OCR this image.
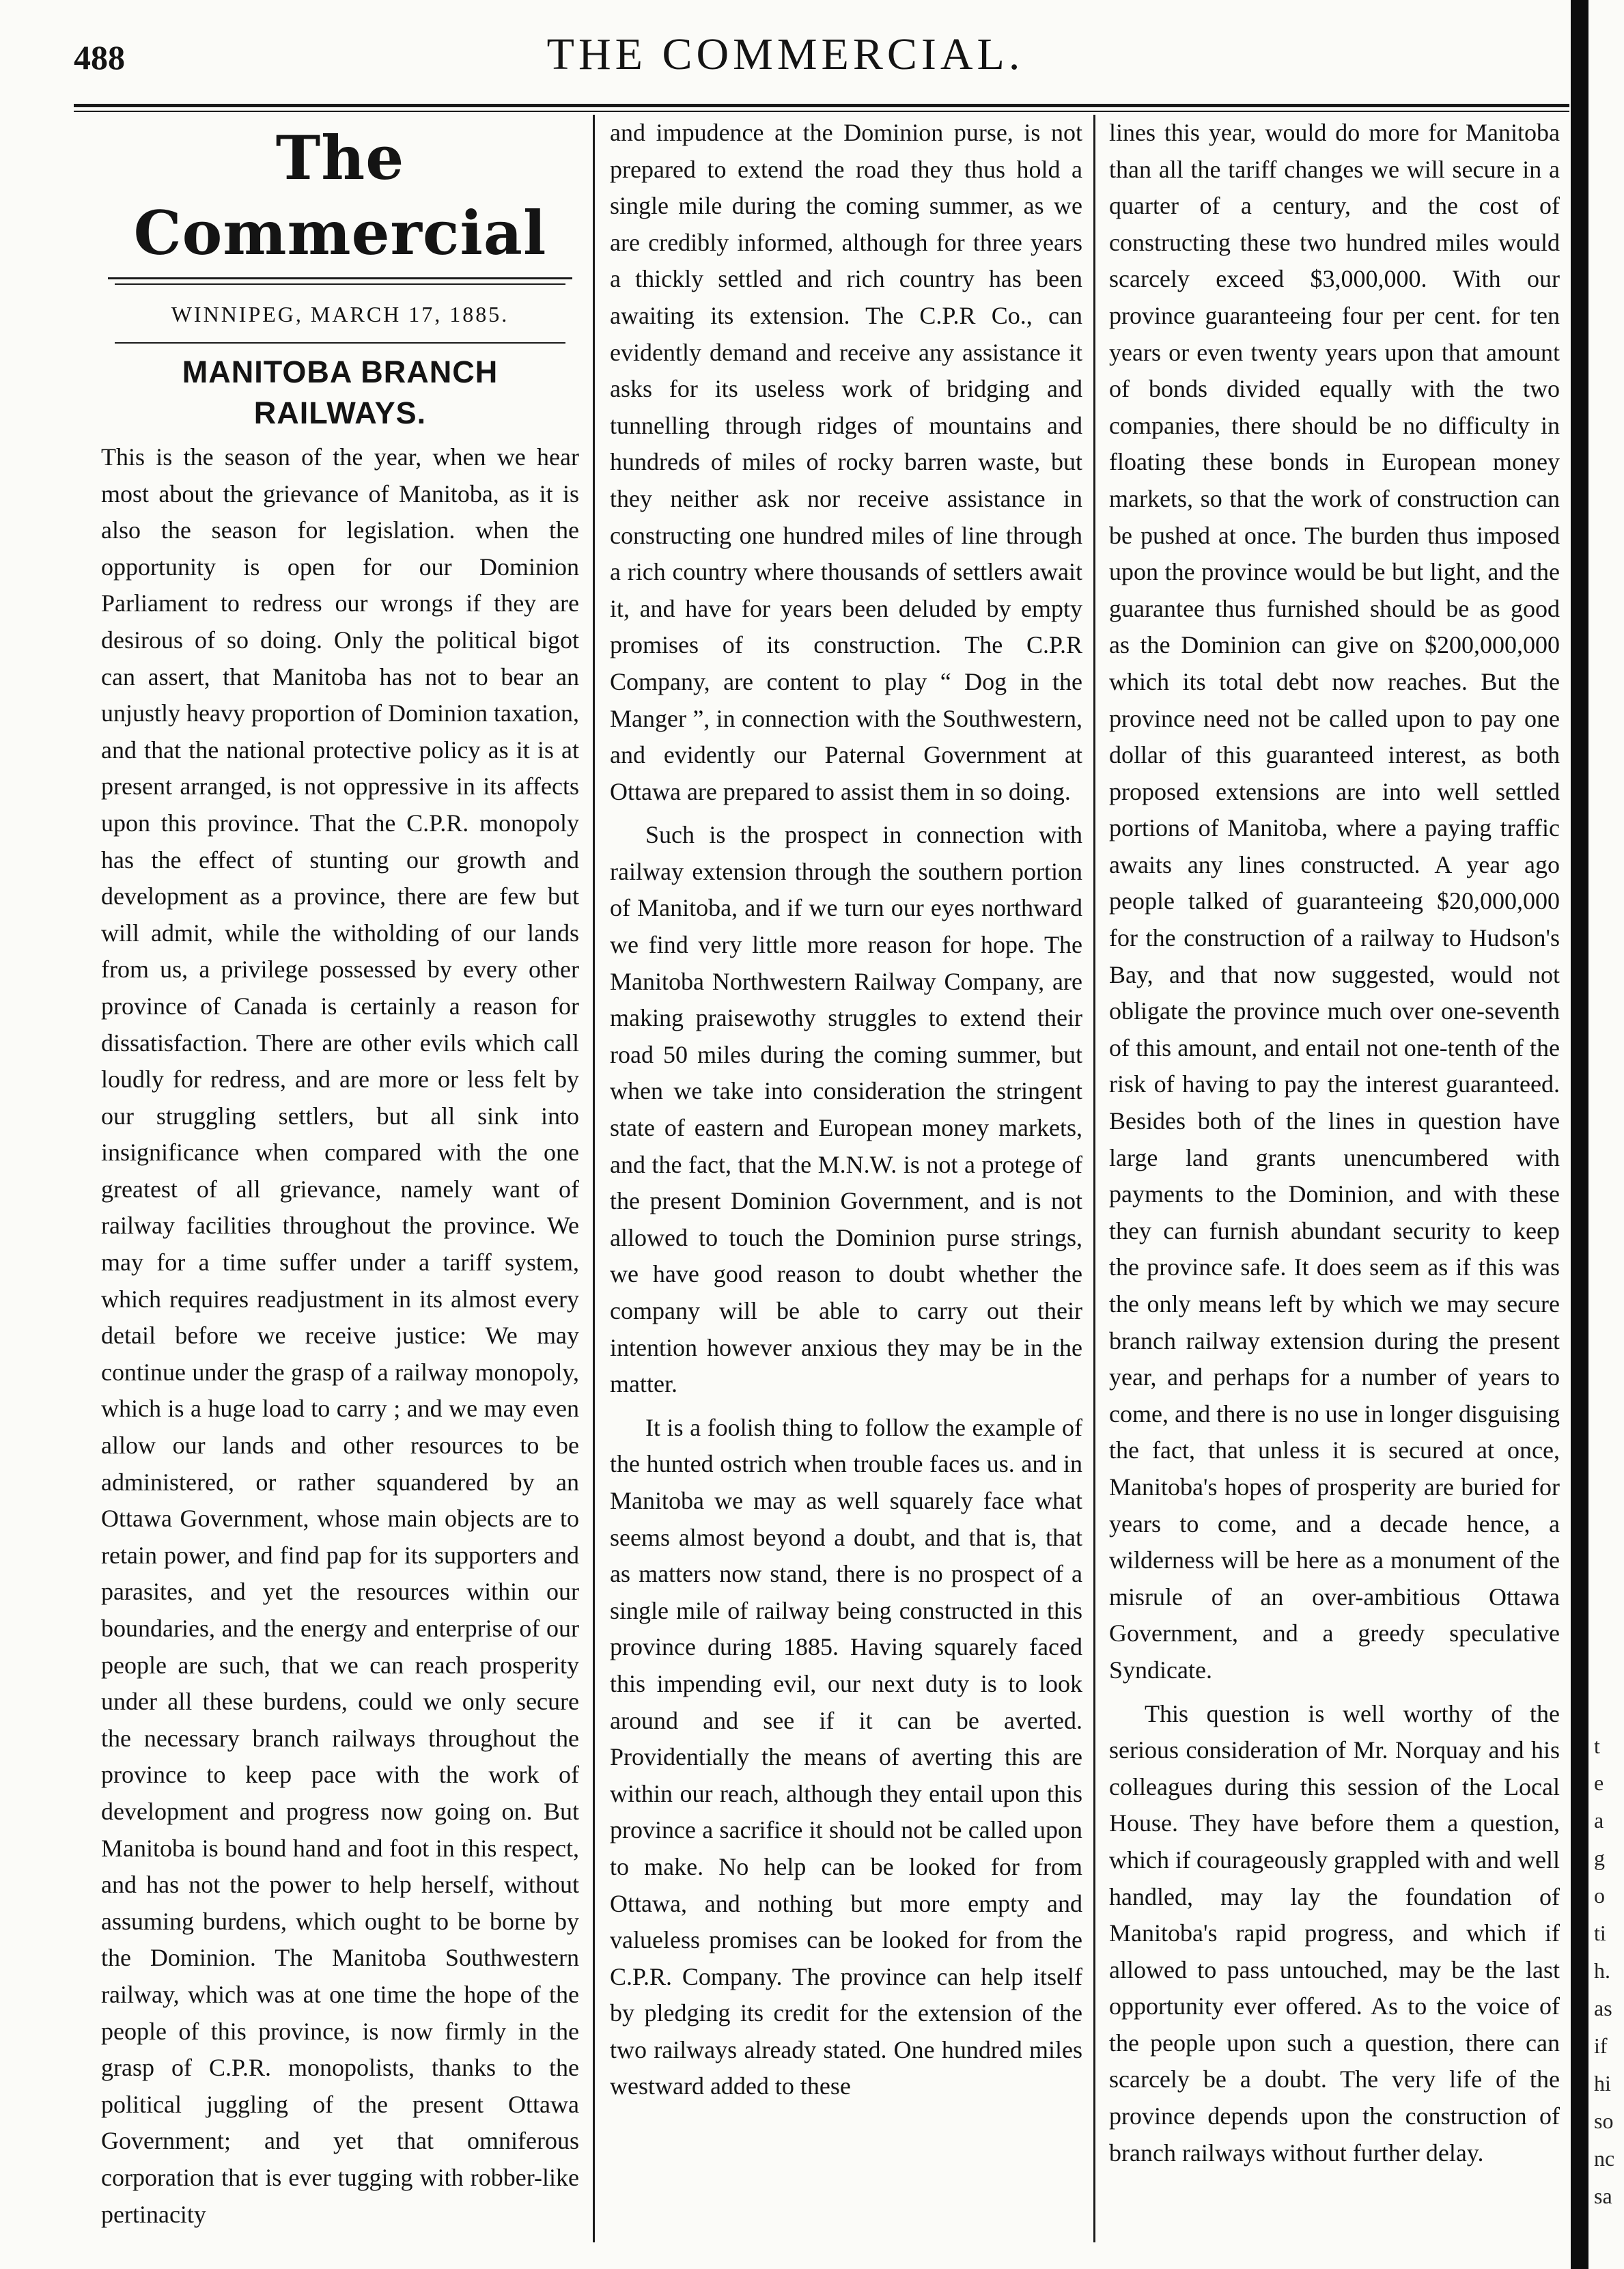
488	THE COMMERCIAL.
The Commercial
WINNIPEG, MARCH 17, 1885.
MANITOBA BRANCH RAILWAYS.

This is the season of the year, when we hear most about the grievance of Manitoba, as it is also the season for legislation. when the opportunity is open for our Dominion Parliament to redress our wrongs if they are desirous of so doing. Only the political bigot can assert, that Manitoba has not to bear an unjustly heavy proportion of Dominion taxation, and that the national protective policy as it is at present arranged, is not oppressive in its affects upon this province. That the C.P.R. monopoly has the effect of stunting our growth and development as a province, there are few but will admit, while the witholding of our lands from us, a privilege possessed by every other province of Canada is certainly a reason for dissatisfaction. There are other evils which call loudly for redress, and are more or less felt by our struggling settlers, but all sink into insignificance when compared with the one greatest of all grievance, namely want of railway facilities throughout the province. We may for a time suffer under a tariff system, which requires readjustment in its almost every detail before we receive justice: We may continue under the grasp of a railway monopoly, which is a huge load to carry ; and we may even allow our lands and other resources to be administered, or rather squandered by an Ottawa Government, whose main objects are to retain power, and find pap for its supporters and parasites, and yet the resources within our boundaries, and the energy and enterprise of our people are such, that we can reach prosperity under all these burdens, could we only secure the necessary branch railways throughout the province to keep pace with the work of development and progress now going on. But Manitoba is bound hand and foot in this respect, and has not the power to help herself, without assuming burdens, which ought to be borne by the Dominion. The Manitoba Southwestern railway, which was at one time the hope of the people of this province, is now firmly in the grasp of C.P.R. monopolists, thanks to the political juggling of the present Ottawa Government; and yet that omniferous corporation that is ever tugging with robber-like pertinacity

and impudence at the Dominion purse, is not prepared to extend the road they thus hold a single mile during the coming summer, as we are credibly informed, although for three years a thickly settled and rich country has been awaiting its extension. The C.P.R Co., can evidently demand and receive any assistance it asks for its useless work of bridging and tunnelling through ridges of mountains and hundreds of miles of rocky barren waste, but they neither ask nor receive assistance in constructing one hundred miles of line through a rich country where thousands of settlers await it, and have for years been deluded by empty promises of its construction. The C.P.R Company, are content to play “ Dog in the Manger ”, in connection with the Southwestern, and evidently our Paternal Government at Ottawa are prepared to assist them in so doing.

Such is the prospect in connection with railway extension through the southern portion of Manitoba, and if we turn our eyes northward we find very little more reason for hope. The Manitoba Northwestern Railway Company, are making praisewothy struggles to extend their road 50 miles during the coming summer, but when we take into consideration the stringent state of eastern and European money markets, and the fact, that the M.N.W. is not a protege of the present Dominion Government, and is not allowed to touch the Dominion purse strings, we have good reason to doubt whether the company will be able to carry out their intention however anxious they may be in the matter.

It is a foolish thing to follow the example of the hunted ostrich when trouble faces us. and in Manitoba we may as well squarely face what seems almost beyond a doubt, and that is, that as matters now stand, there is no prospect of a single mile of railway being constructed in this province during 1885. Having squarely faced this impending evil, our next duty is to look around and see if it can be averted. Providentially the means of averting this are within our reach, although they entail upon this province a sacrifice it should not be called upon to make. No help can be looked for from Ottawa, and nothing but more empty and valueless promises can be looked for from the C.P.R. Company. The province can help itself by pledging its credit for the extension of the two railways already stated. One hundred miles westward added to these

lines this year, would do more for Manitoba than all the tariff changes we will secure in a quarter of a century, and the cost of constructing these two hundred miles would scarcely exceed $3,000,000. With our province guaranteeing four per cent. for ten years or even twenty years upon that amount of bonds divided equally with the two companies, there should be no difficulty in floating these bonds in European money markets, so that the work of construction can be pushed at once. The burden thus imposed upon the province would be but light, and the guarantee thus furnished should be as good as the Dominion can give on $200,000,000 which its total debt now reaches. But the province need not be called upon to pay one dollar of this guaranteed interest, as both proposed extensions are into well settled portions of Manitoba, where a paying traffic awaits any lines constructed. A year ago people talked of guaranteeing $20,000,000 for the construction of a railway to Hudson's Bay, and that now suggested, would not obligate the province much over one-seventh of this amount, and entail not one-tenth of the risk of having to pay the interest guaranteed. Besides both of the lines in question have large land grants unencumbered with payments to the Dominion, and with these they can furnish abundant security to keep the province safe. It does seem as if this was the only means left by which we may secure branch railway extension during the present year, and perhaps for a number of years to come, and there is no use in longer disguising the fact, that unless it is secured at once, Manitoba's hopes of prosperity are buried for years to come, and a decade hence, a wilderness will be here as a monument of the misrule of an over-ambitious Ottawa Government, and a greedy speculative Syndicate.

This question is well worthy of the serious consideration of Mr. Norquay and his colleagues during this session of the Local House. They have before them a question, which if courageously grappled with and well handled, may lay the foundation of Manitoba's rapid progress, and which if allowed to pass untouched, may be the last opportunity ever offered. As to the voice of the people upon such a question, there can scarcely be a doubt. The very life of the province depends upon the construction of branch railways without further delay.

t
e
a
g
o
ti
h.
as
if
hi
so
nc
sa
